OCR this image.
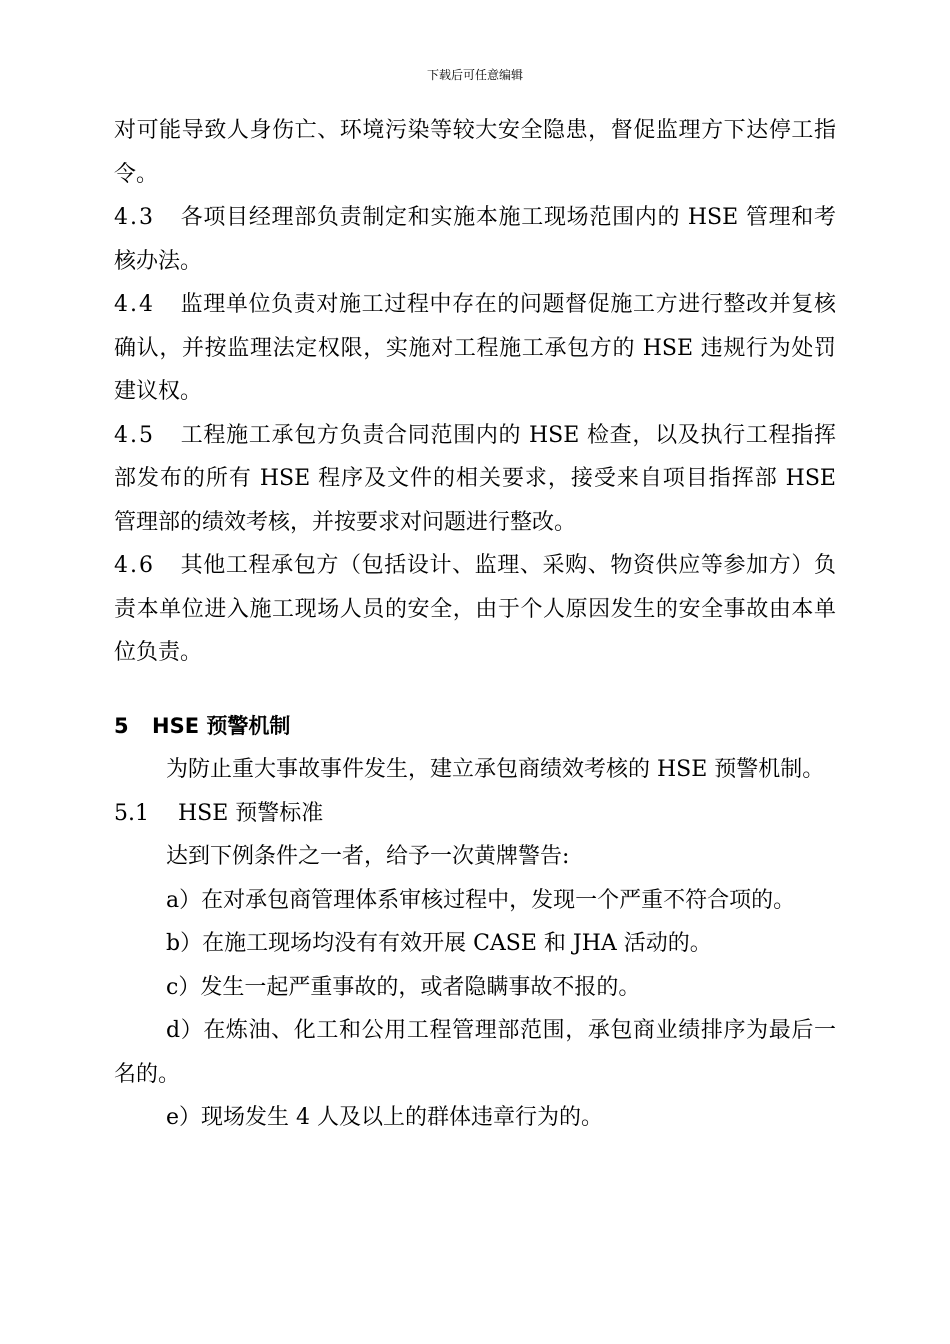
下载后可任意编辑

对可能导致人身伤亡、环境污染等较大安全隐患，督促监理方下达停工指令。

4.3 各项目经理部负责制定和实施本施工现场范围内的 HSE 管理和考核办法。

4.4 监理单位负责对施工过程中存在的问题督促施工方进行整改并复核确认，并按监理法定权限，实施对工程施工承包方的 HSE 违规行为处罚建议权。

4.5 工程施工承包方负责合同范围内的 HSE 检查，以及执行工程指挥部发布的所有 HSE 程序及文件的相关要求，接受来自项目指挥部 HSE 管理部的绩效考核，并按要求对问题进行整改。

4.6 其他工程承包方（包括设计、监理、采购、物资供应等参加方）负责本单位进入施工现场人员的安全，由于个人原因发生的安全事故由本单位负责。

5 HSE 预警机制

为防止重大事故事件发生，建立承包商绩效考核的 HSE 预警机制。

5.1 HSE 预警标准

达到下例条件之一者，给予一次黄牌警告:

a）在对承包商管理体系审核过程中，发现一个严重不符合项的。

b）在施工现场均没有有效开展 CASE 和 JHA 活动的。

c）发生一起严重事故的，或者隐瞒事故不报的。

d）在炼油、化工和公用工程管理部范围，承包商业绩排序为最后一名的。

e）现场发生 4 人及以上的群体违章行为的。
